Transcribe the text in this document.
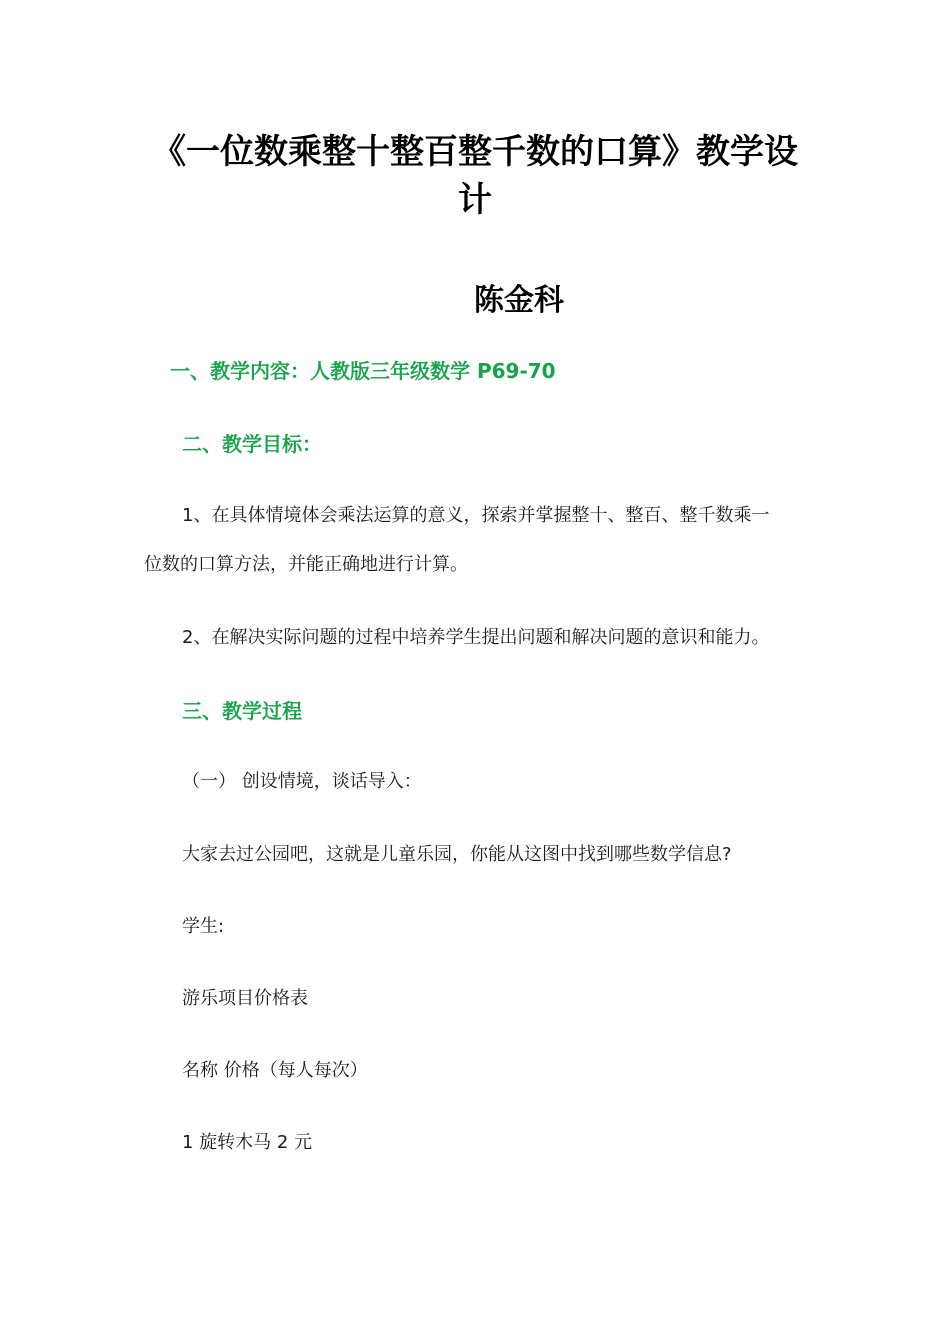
《一位数乘整十整百整千数的口算》教学设计
陈金科
一、教学内容：人教版三年级数学 P69-70
二、教学目标：
1、在具体情境体会乘法运算的意义，探索并掌握整十、整百、整千数乘一
位数的口算方法，并能正确地进行计算。
2、在解决实际问题的过程中培养学生提出问题和解决问题的意识和能力。
三、教学过程
（一） 创设情境，谈话导入：
大家去过公园吧，这就是儿童乐园，你能从这图中找到哪些数学信息?
学生:
游乐项目价格表
名称 价格（每人每次）
1 旋转木马 2 元
